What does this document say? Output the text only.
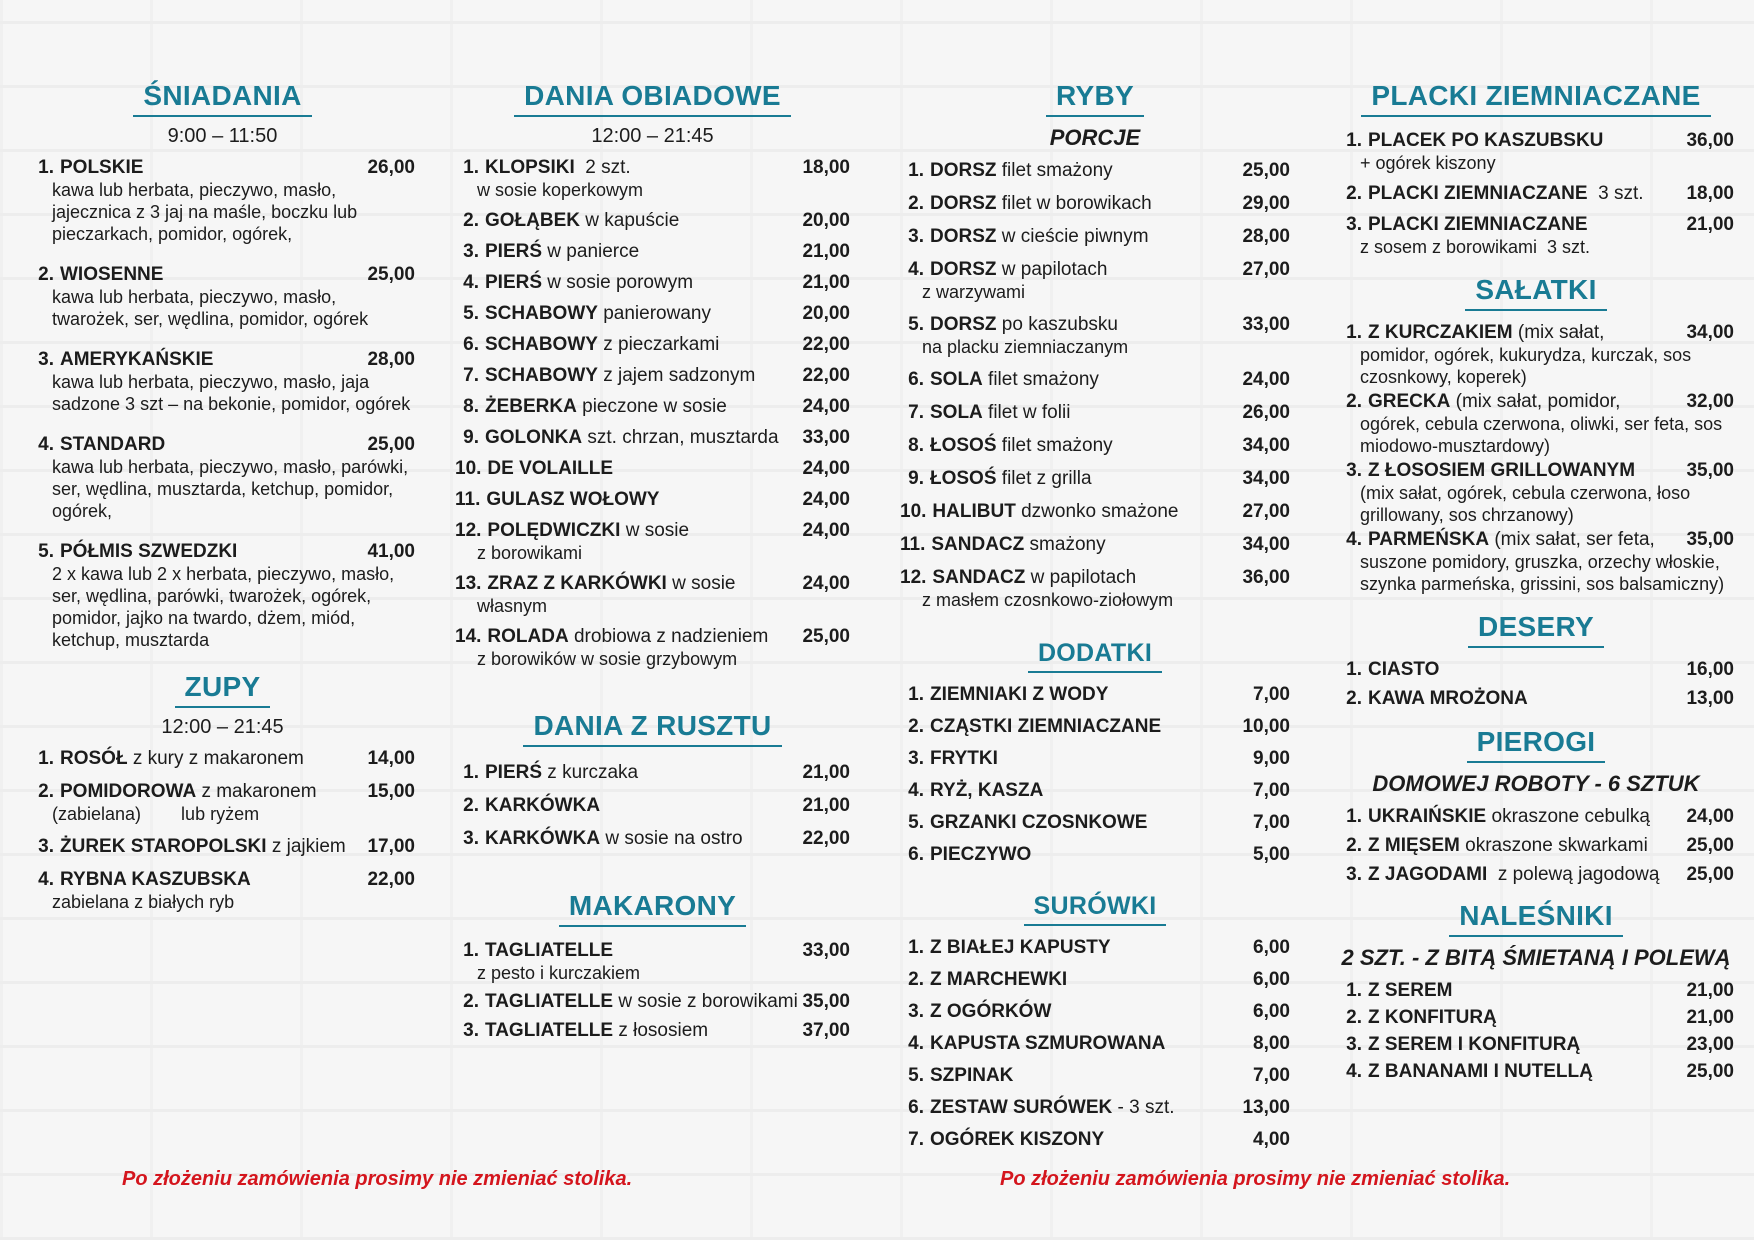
ŚNIADANIA
9:00 – 11:50
1. POLSKIE	26,00
kawa lub herbata, pieczywo, masło, jajecznica z 3 jaj na maśle, boczku lub pieczarkach, pomidor, ogórek,
2. WIOSENNE	25,00
kawa lub herbata, pieczywo, masło, twarożek, ser, wędlina, pomidor, ogórek
3. AMERYKAŃSKIE	28,00
kawa lub herbata, pieczywo, masło, jaja sadzone 3 szt – na bekonie, pomidor, ogórek
4. STANDARD	25,00
kawa lub herbata, pieczywo, masło, parówki, ser, wędlina, musztarda, ketchup, pomidor, ogórek,
5. PÓŁMIS SZWEDZKI	41,00
2 x kawa lub 2 x herbata, pieczywo, masło, ser, wędlina, parówki, twarożek, ogórek, pomidor, jajko na twardo, dżem, miód, ketchup, musztarda
ZUPY
12:00 – 21:45
1. ROSÓŁ z kury z makaronem	14,00
2. POMIDOROWA z makaronem	15,00
(zabielana)        lub ryżem
3. ŻUREK STAROPOLSKI z jajkiem 17,00
4. RYBNA KASZUBSKA	22,00
zabielana z białych ryb
DANIA OBIADOWE
12:00 – 21:45
1. KLOPSIKI  2 szt.	18,00
w sosie koperkowym
2. GOŁĄBEK w kapuście	20,00
3. PIERŚ w panierce	21,00
4. PIERŚ w sosie porowym	21,00
5. SCHABOWY panierowany	20,00
6. SCHABOWY z pieczarkami	22,00
7. SCHABOWY z jajem sadzonym 22,00
8. ŻEBERKA pieczone w sosie	24,00
9. GOLONKA szt. chrzan, musztarda 33,00
10. DE VOLAILLE	24,00
11. GULASZ WOŁOWY	24,00
12. POLĘDWICZKI w sosie	24,00
z borowikami
13. ZRAZ Z KARKÓWKI w sosie	24,00
własnym
14. ROLADA drobiowa z nadzieniem 25,00
z borowików w sosie grzybowym
DANIA Z RUSZTU
1. PIERŚ z kurczaka	21,00
2. KARKÓWKA	21,00
3. KARKÓWKA w sosie na ostro	22,00
MAKARONY
1. TAGLIATELLE	33,00
z pesto i kurczakiem
2. TAGLIATELLE w sosie z borowikami 35,00
3. TAGLIATELLE z łososiem	37,00
RYBY
PORCJE
1. DORSZ filet smażony	25,00
2. DORSZ filet w borowikach	29,00
3. DORSZ w cieście piwnym	28,00
4. DORSZ w papilotach	27,00
z warzywami
5. DORSZ po kaszubsku	33,00
na placku ziemniaczanym
6. SOLA filet smażony	24,00
7. SOLA filet w folii	26,00
8. ŁOSOŚ filet smażony	34,00
9. ŁOSOŚ filet z grilla	34,00
10. HALIBUT dzwonko smażone	27,00
11. SANDACZ smażony	34,00
12. SANDACZ w papilotach	36,00
z masłem czosnkowo-ziołowym
DODATKI
1. ZIEMNIAKI Z WODY	7,00
2. CZĄSTKI ZIEMNIACZANE	10,00
3. FRYTKI	9,00
4. RYŻ, KASZA	7,00
5. GRZANKI CZOSNKOWE	7,00
6. PIECZYWO	5,00
SURÓWKI
1. Z BIAŁEJ KAPUSTY	6,00
2. Z MARCHEWKI	6,00
3. Z OGÓRKÓW	6,00
4. KAPUSTA SZMUROWANA	8,00
5. SZPINAK	7,00
6. ZESTAW SURÓWEK - 3 szt.	13,00
7. OGÓREK KISZONY	4,00
PLACKI ZIEMNIACZANE
1. PLACEK PO KASZUBSKU	36,00
+ ogórek kiszony
2. PLACKI ZIEMNIACZANE  3 szt. 18,00
3. PLACKI ZIEMNIACZANE	21,00
z sosem z borowikami  3 szt.
SAŁATKI
1. Z KURCZAKIEM (mix sałat,	34,00
pomidor, ogórek, kukurydza, kurczak, sos czosnkowy, koperek)
2. GRECKA (mix sałat, pomidor,	32,00
ogórek, cebula czerwona, oliwki, ser feta, sos miodowo-musztardowy)
3. Z ŁOSOSIEM GRILLOWANYM	35,00
(mix sałat, ogórek, cebula czerwona, łoso   grillowany, sos chrzanowy)
4. PARMEŃSKA (mix sałat, ser feta, 35,00
suszone pomidory, gruszka, orzechy włoskie, szynka parmeńska, grissini, sos balsamiczny)
DESERY
1. CIASTO	16,00
2. KAWA MROŻONA	13,00
PIEROGI
DOMOWEJ ROBOTY - 6 SZTUK
1. UKRAIŃSKIE okraszone cebulką 24,00
2. Z MIĘSEM okraszone skwarkami 25,00
3. Z JAGODAMI  z polewą jagodową 25,00
NALEŚNIKI
2 SZT. - Z BITĄ ŚMIETANĄ I POLEWĄ
1. Z SEREM	21,00
2. Z KONFITURĄ	21,00
3. Z SEREM I KONFITURĄ	23,00
4. Z BANANAMI I NUTELLĄ	25,00
Po złożeniu zamówienia prosimy nie zmieniać stolika.	Po złożeniu zamówienia prosimy nie zmieniać stolika.
